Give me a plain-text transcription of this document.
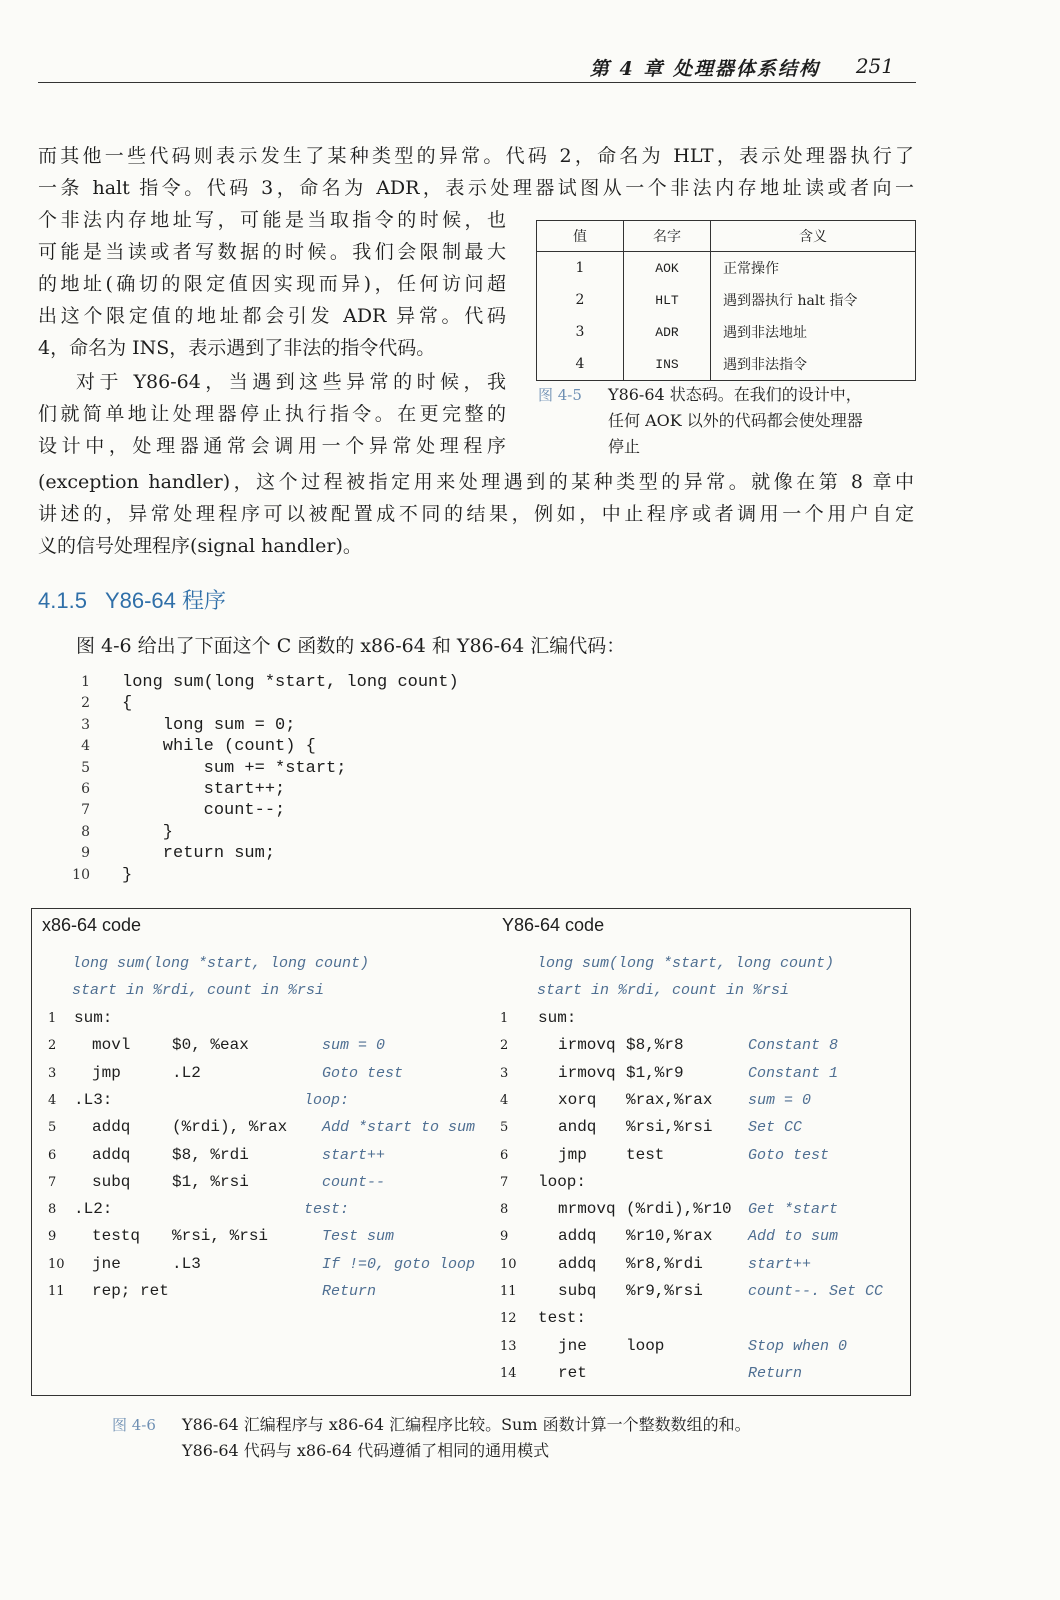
第 4 章 处理器体系结构 251
而其他一些代码则表示发生了某种类型的异常。代码 2，命名为 HLT，表示处理器执行了
一条 halt 指令。代码 3，命名为 ADR，表示处理器试图从一个非法内存地址读或者向一
个非法内存地址写，可能是当取指令的时候，也
可能是当读或者写数据的时候。我们会限制最大
的地址(确切的限定值因实现而异)，任何访问超
出这个限定值的地址都会引发 ADR 异常。代码
4，命名为 INS，表示遇到了非法的指令代码。
对于 Y86-64，当遇到这些异常的时候，我
们就简单地让处理器停止执行指令。在更完整的
设计中，处理器通常会调用一个异常处理程序
(exception handler)，这个过程被指定用来处理遇到的某种类型的异常。就像在第 8 章中
讲述的，异常处理程序可以被配置成不同的结果，例如，中止程序或者调用一个用户自定
义的信号处理程序(signal handler)。
值	名字	含义
1	AOK	正常操作
2	HLT	遇到器执行 halt 指令
3	ADR	遇到非法地址
4	INS	遇到非法指令
图 4-5 Y86-64 状态码。在我们的设计中，
任何 AOK 以外的代码都会使处理器
停止
4.1.5 Y86-64 程序
图 4-6 给出了下面这个 C 函数的 x86-64 和 Y86-64 汇编代码：
1 long sum(long *start, long count)
2 {
3 long sum = 0;
4 while (count) {
5 sum += *start;
6 start++;
7 count--;
8 }
9 return sum;
10 }
x86-64 code
long sum(long *start, long count)
start in %rdi, count in %rsi
1 sum:
2 movl	$0, %eax	sum = 0
3 jmp	.L2	Goto test
4 .L3:	loop:
5 addq	(%rdi), %rax Add *start to sum
6 addq	$8, %rdi	start++
7 subq	$1, %rsi	count--
8 .L2:	test:
9 testq %rsi, %rsi	Test sum
10 jne	.L3	If !=0, goto loop
11 rep; ret	Return
Y86-64 code
long sum(long *start, long count)
start in %rdi, count in %rsi
1 sum:
2	irmovq $8,%r8	Constant 8
3	irmovq $1,%r9	Constant 1
4	xorq %rax,%rax sum = 0
5	andq %rsi,%rsi Set CC
6	jmp test	Goto test
7 loop:
8	mrmovq (%rdi),%r10 Get *start
9	addq %r10,%rax Add to sum
10	addq %r8,%rdi	start++
11	subq %r9,%rsi	count--. Set CC
12 test:
13	jne loop	Stop when 0
14	ret	Return
图 4-6 Y86-64 汇编程序与 x86-64 汇编程序比较。Sum 函数计算一个整数数组的和。
Y86-64 代码与 x86-64 代码遵循了相同的通用模式
